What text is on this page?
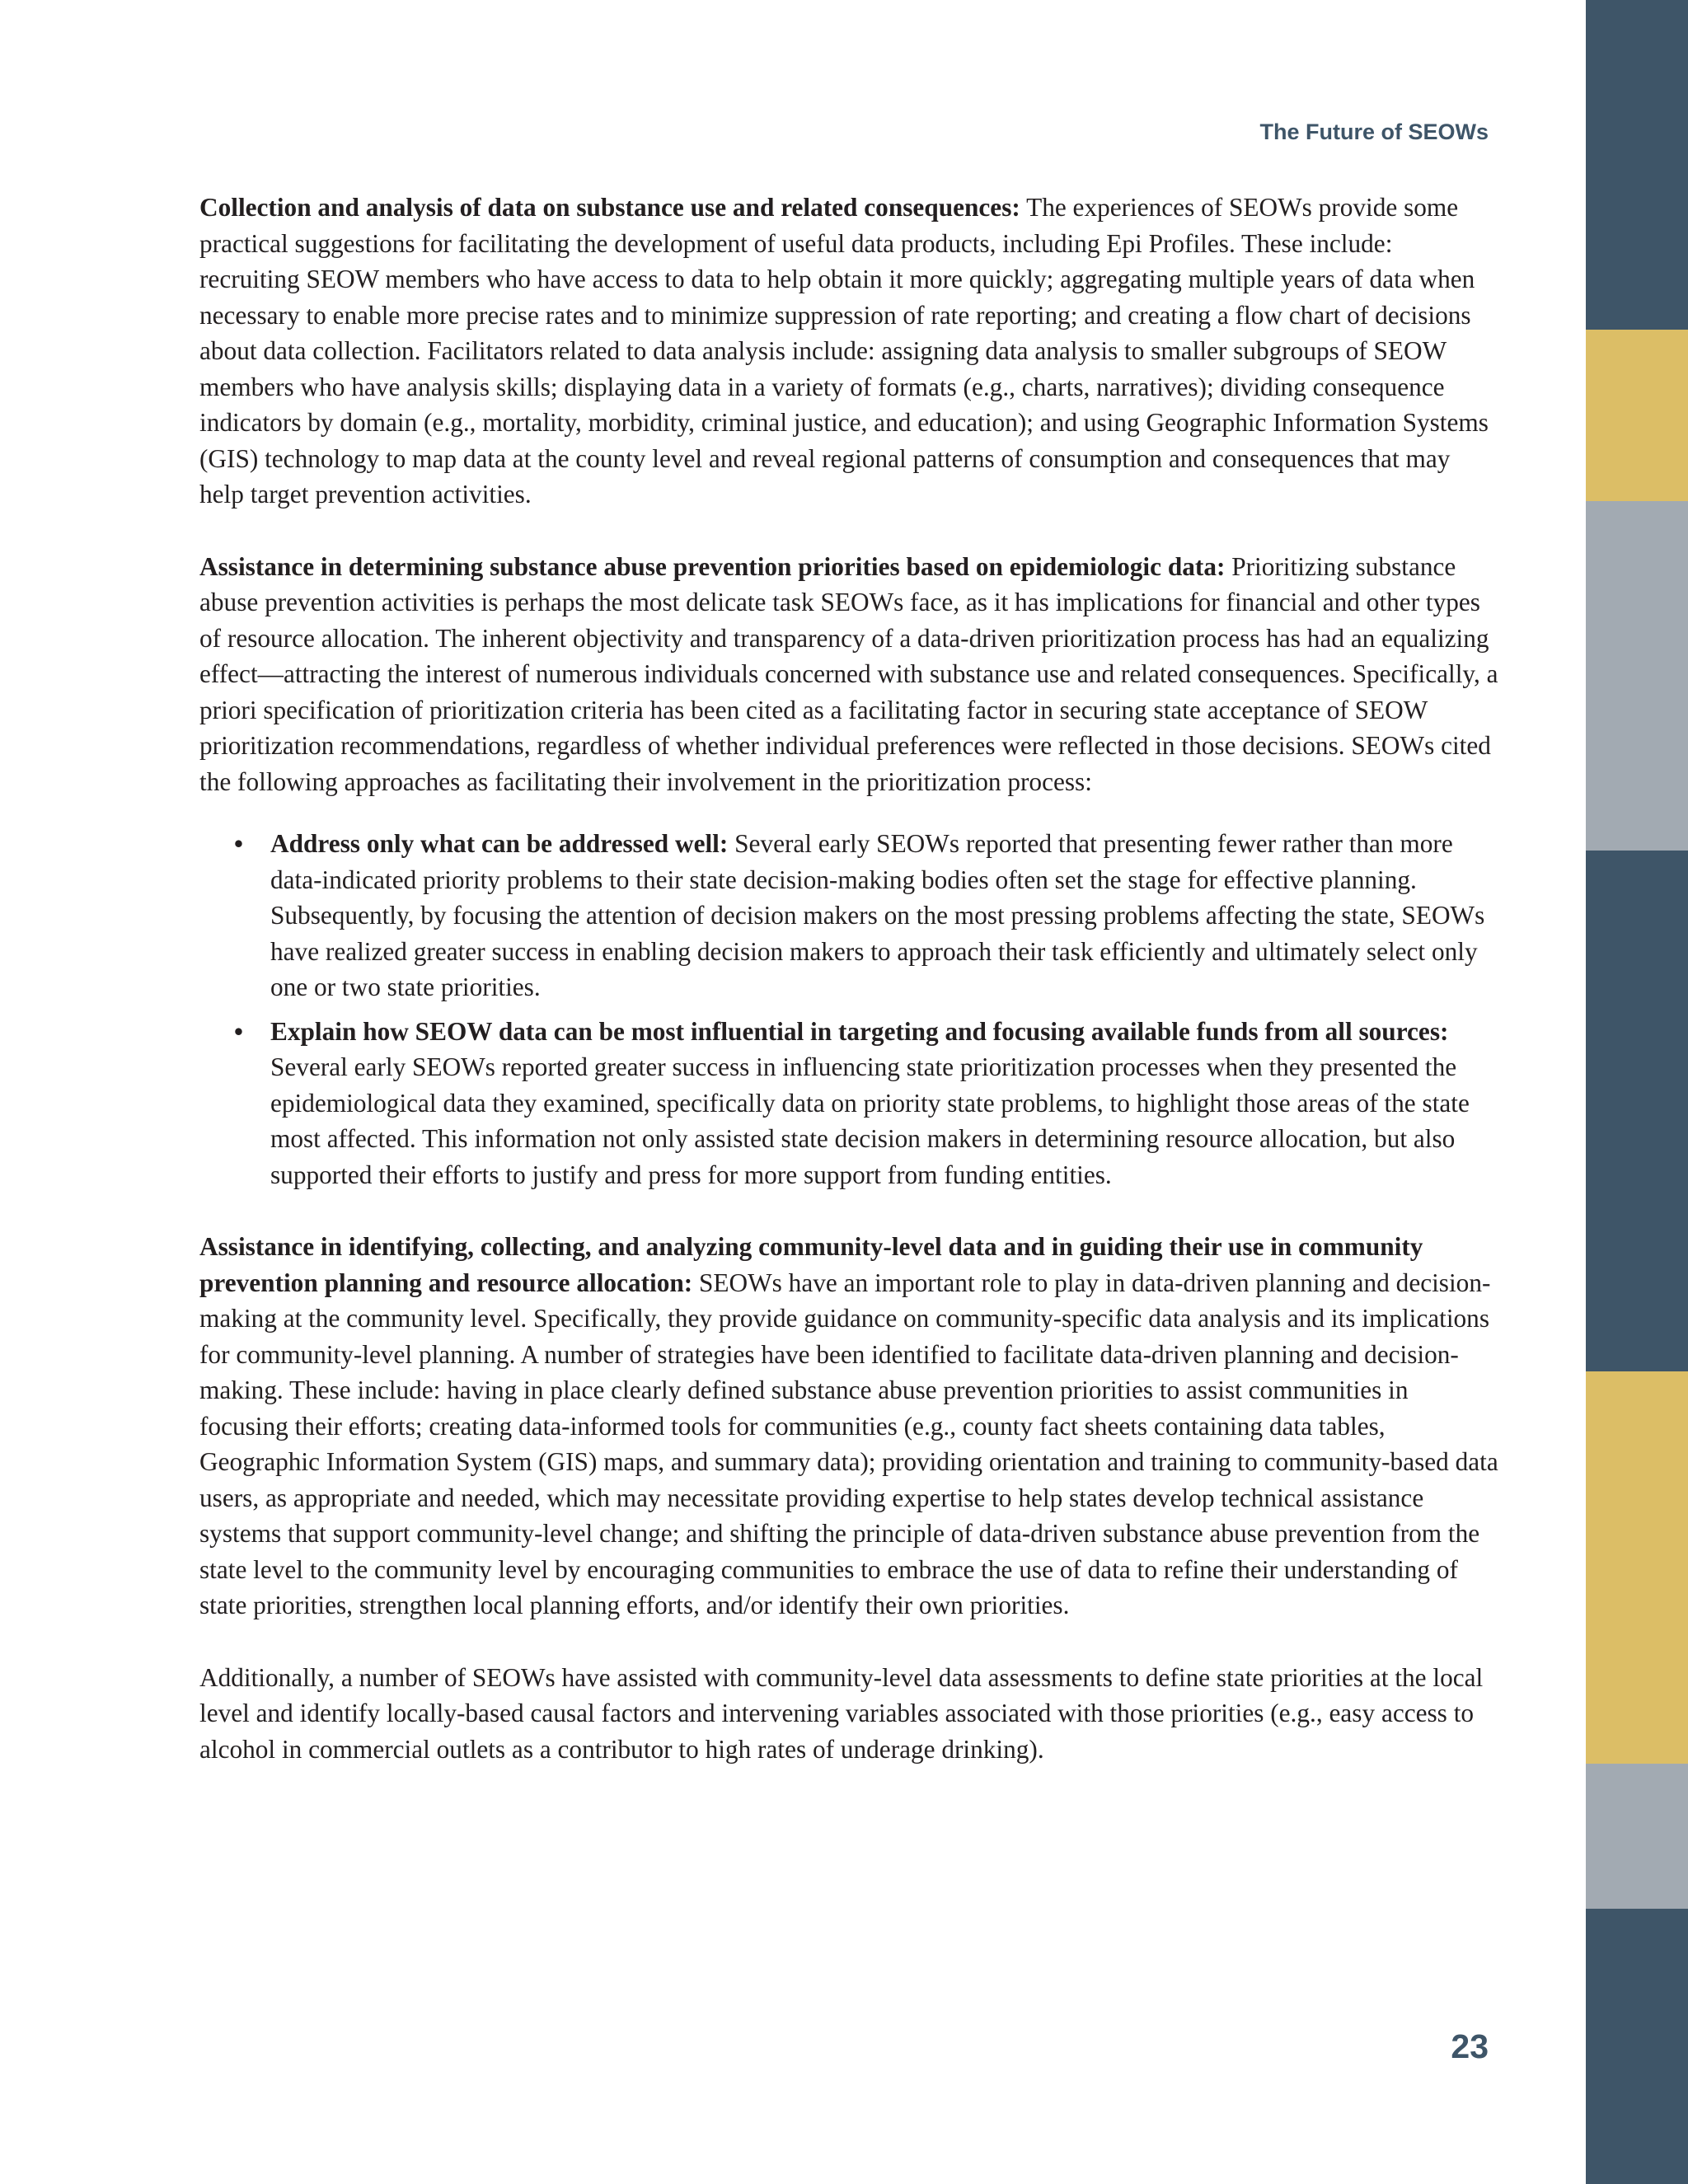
The Future of SEOWs

Collection and analysis of data on substance use and related consequences: The experiences of SEOWs provide some practical suggestions for facilitating the development of useful data products, including Epi Profiles. These include: recruiting SEOW members who have access to data to help obtain it more quickly; aggregating multiple years of data when necessary to enable more precise rates and to minimize suppression of rate reporting; and creating a flow chart of decisions about data collection. Facilitators related to data analysis include: assigning data analysis to smaller subgroups of SEOW members who have analysis skills; displaying data in a variety of formats (e.g., charts, narratives); dividing consequence indicators by domain (e.g., mortality, morbidity, criminal justice, and education); and using Geographic Information Systems (GIS) technology to map data at the county level and reveal regional patterns of consumption and consequences that may help target prevention activities.

Assistance in determining substance abuse prevention priorities based on epidemiologic data: Prioritizing substance abuse prevention activities is perhaps the most delicate task SEOWs face, as it has implications for financial and other types of resource allocation. The inherent objectivity and transparency of a data-driven prioritization process has had an equalizing effect—attracting the interest of numerous individuals concerned with substance use and related consequences. Specifically, a priori specification of prioritization criteria has been cited as a facilitating factor in securing state acceptance of SEOW prioritization recommendations, regardless of whether individual preferences were reflected in those decisions. SEOWs cited the following approaches as facilitating their involvement in the prioritization process:

• Address only what can be addressed well: Several early SEOWs reported that presenting fewer rather than more data-indicated priority problems to their state decision-making bodies often set the stage for effective planning. Subsequently, by focusing the attention of decision makers on the most pressing problems affecting the state, SEOWs have realized greater success in enabling decision makers to approach their task efficiently and ultimately select only one or two state priorities.
• Explain how SEOW data can be most influential in targeting and focusing available funds from all sources: Several early SEOWs reported greater success in influencing state prioritization processes when they presented the epidemiological data they examined, specifically data on priority state problems, to highlight those areas of the state most affected. This information not only assisted state decision makers in determining resource allocation, but also supported their efforts to justify and press for more support from funding entities.

Assistance in identifying, collecting, and analyzing community-level data and in guiding their use in community prevention planning and resource allocation: SEOWs have an important role to play in data-driven planning and decision-making at the community level. Specifically, they provide guidance on community-specific data analysis and its implications for community-level planning. A number of strategies have been identified to facilitate data-driven planning and decision-making. These include: having in place clearly defined substance abuse prevention priorities to assist communities in focusing their efforts; creating data-informed tools for communities (e.g., county fact sheets containing data tables, Geographic Information System (GIS) maps, and summary data); providing orientation and training to community-based data users, as appropriate and needed, which may necessitate providing expertise to help states develop technical assistance systems that support community-level change; and shifting the principle of data-driven substance abuse prevention from the state level to the community level by encouraging communities to embrace the use of data to refine their understanding of state priorities, strengthen local planning efforts, and/or identify their own priorities.

Additionally, a number of SEOWs have assisted with community-level data assessments to define state priorities at the local level and identify locally-based causal factors and intervening variables associated with those priorities (e.g., easy access to alcohol in commercial outlets as a contributor to high rates of underage drinking).

23
